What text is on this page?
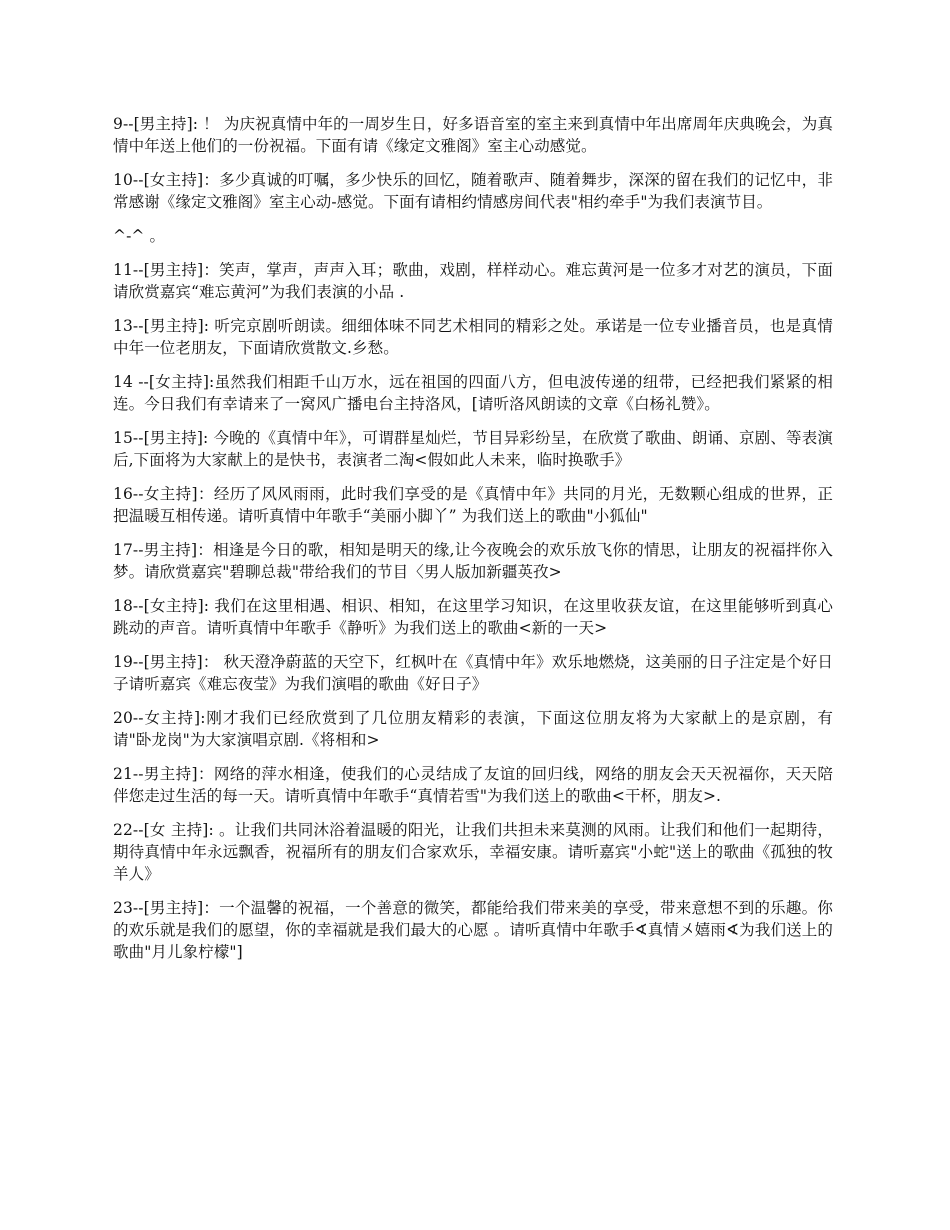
9--[男主持]: ！ 为庆祝真情中年的一周岁生日，好多语音室的室主来到真情中年出席周年庆典晚会，为真情中年送上他们的一份祝福。下面有请《缘定文雅阁》室主心动感觉。

10--[女主持]：多少真诚的叮嘱，多少快乐的回忆，随着歌声、随着舞步，深深的留在我们的记忆中，非常感谢《缘定文雅阁》室主心动-感觉。下面有请相约情感房间代表"相约牵手"为我们表演节目。

^-^ 。

11--[男主持]：笑声，掌声，声声入耳；歌曲，戏剧，样样动心。难忘黄河是一位多才对艺的演员，下面请欣赏嘉宾“难忘黄河”为我们表演的小品 .

13--[男主持]: 听完京剧听朗读。细细体味不同艺术相同的精彩之处。承诺是一位专业播音员，也是真情中年一位老朋友，下面请欣赏散文.乡愁。

14 --[女主持]:虽然我们相距千山万水，远在祖国的四面八方，但电波传递的纽带，已经把我们紧紧的相连。今日我们有幸请来了一窝风广播电台主持洛风，[请听洛风朗读的文章《白杨礼赞》。

15--[男主持]: 今晚的《真情中年》，可谓群星灿烂，节目异彩纷呈，在欣赏了歌曲、朗诵、京剧、等表演后,下面将为大家献上的是快书，表演者二淘<假如此人未来，临时换歌手》

16--女主持]：经历了风风雨雨，此时我们享受的是《真情中年》共同的月光，无数颗心组成的世界，正把温暖互相传递。请听真情中年歌手“美丽小脚丫” 为我们送上的歌曲"小狐仙"

17--男主持]：相逢是今日的歌，相知是明天的缘,让今夜晚会的欢乐放飞你的情思，让朋友的祝福拌你入梦。请欣赏嘉宾"碧聊总裁"带给我们的节目〈男人版加新疆英孜>

18--[女主持]: 我们在这里相遇、相识、相知，在这里学习知识，在这里收获友谊，在这里能够听到真心跳动的声音。请听真情中年歌手《静听》为我们送上的歌曲<新的一天>

19--[男主持]： 秋天澄净蔚蓝的天空下，红枫叶在《真情中年》欢乐地燃烧，这美丽的日子注定是个好日子请听嘉宾《难忘夜莹》为我们演唱的歌曲《好日子》

20--女主持]:刚才我们已经欣赏到了几位朋友精彩的表演，下面这位朋友将为大家献上的是京剧，有请"卧龙岗"为大家演唱京剧.《将相和>

21--男主持]：网络的萍水相逢，使我们的心灵结成了友谊的回归线，网络的朋友会天天祝福你，天天陪伴您走过生活的每一天。请听真情中年歌手“真情若雪"为我们送上的歌曲<干杯，朋友>.

22--[女 主持]: 。让我们共同沐浴着温暖的阳光，让我们共担未来莫测的风雨。让我们和他们一起期待，期待真情中年永远飘香，祝福所有的朋友们合家欢乐，幸福安康。请听嘉宾"小蛇"送上的歌曲《孤独的牧羊人》

23--[男主持]：一个温馨的祝福，一个善意的微笑，都能给我们带来美的享受，带来意想不到的乐趣。你的欢乐就是我们的愿望，你的幸福就是我们最大的心愿 。请听真情中年歌手∢真情〤嬉雨∢为我们送上的歌曲"月儿象柠檬"]
